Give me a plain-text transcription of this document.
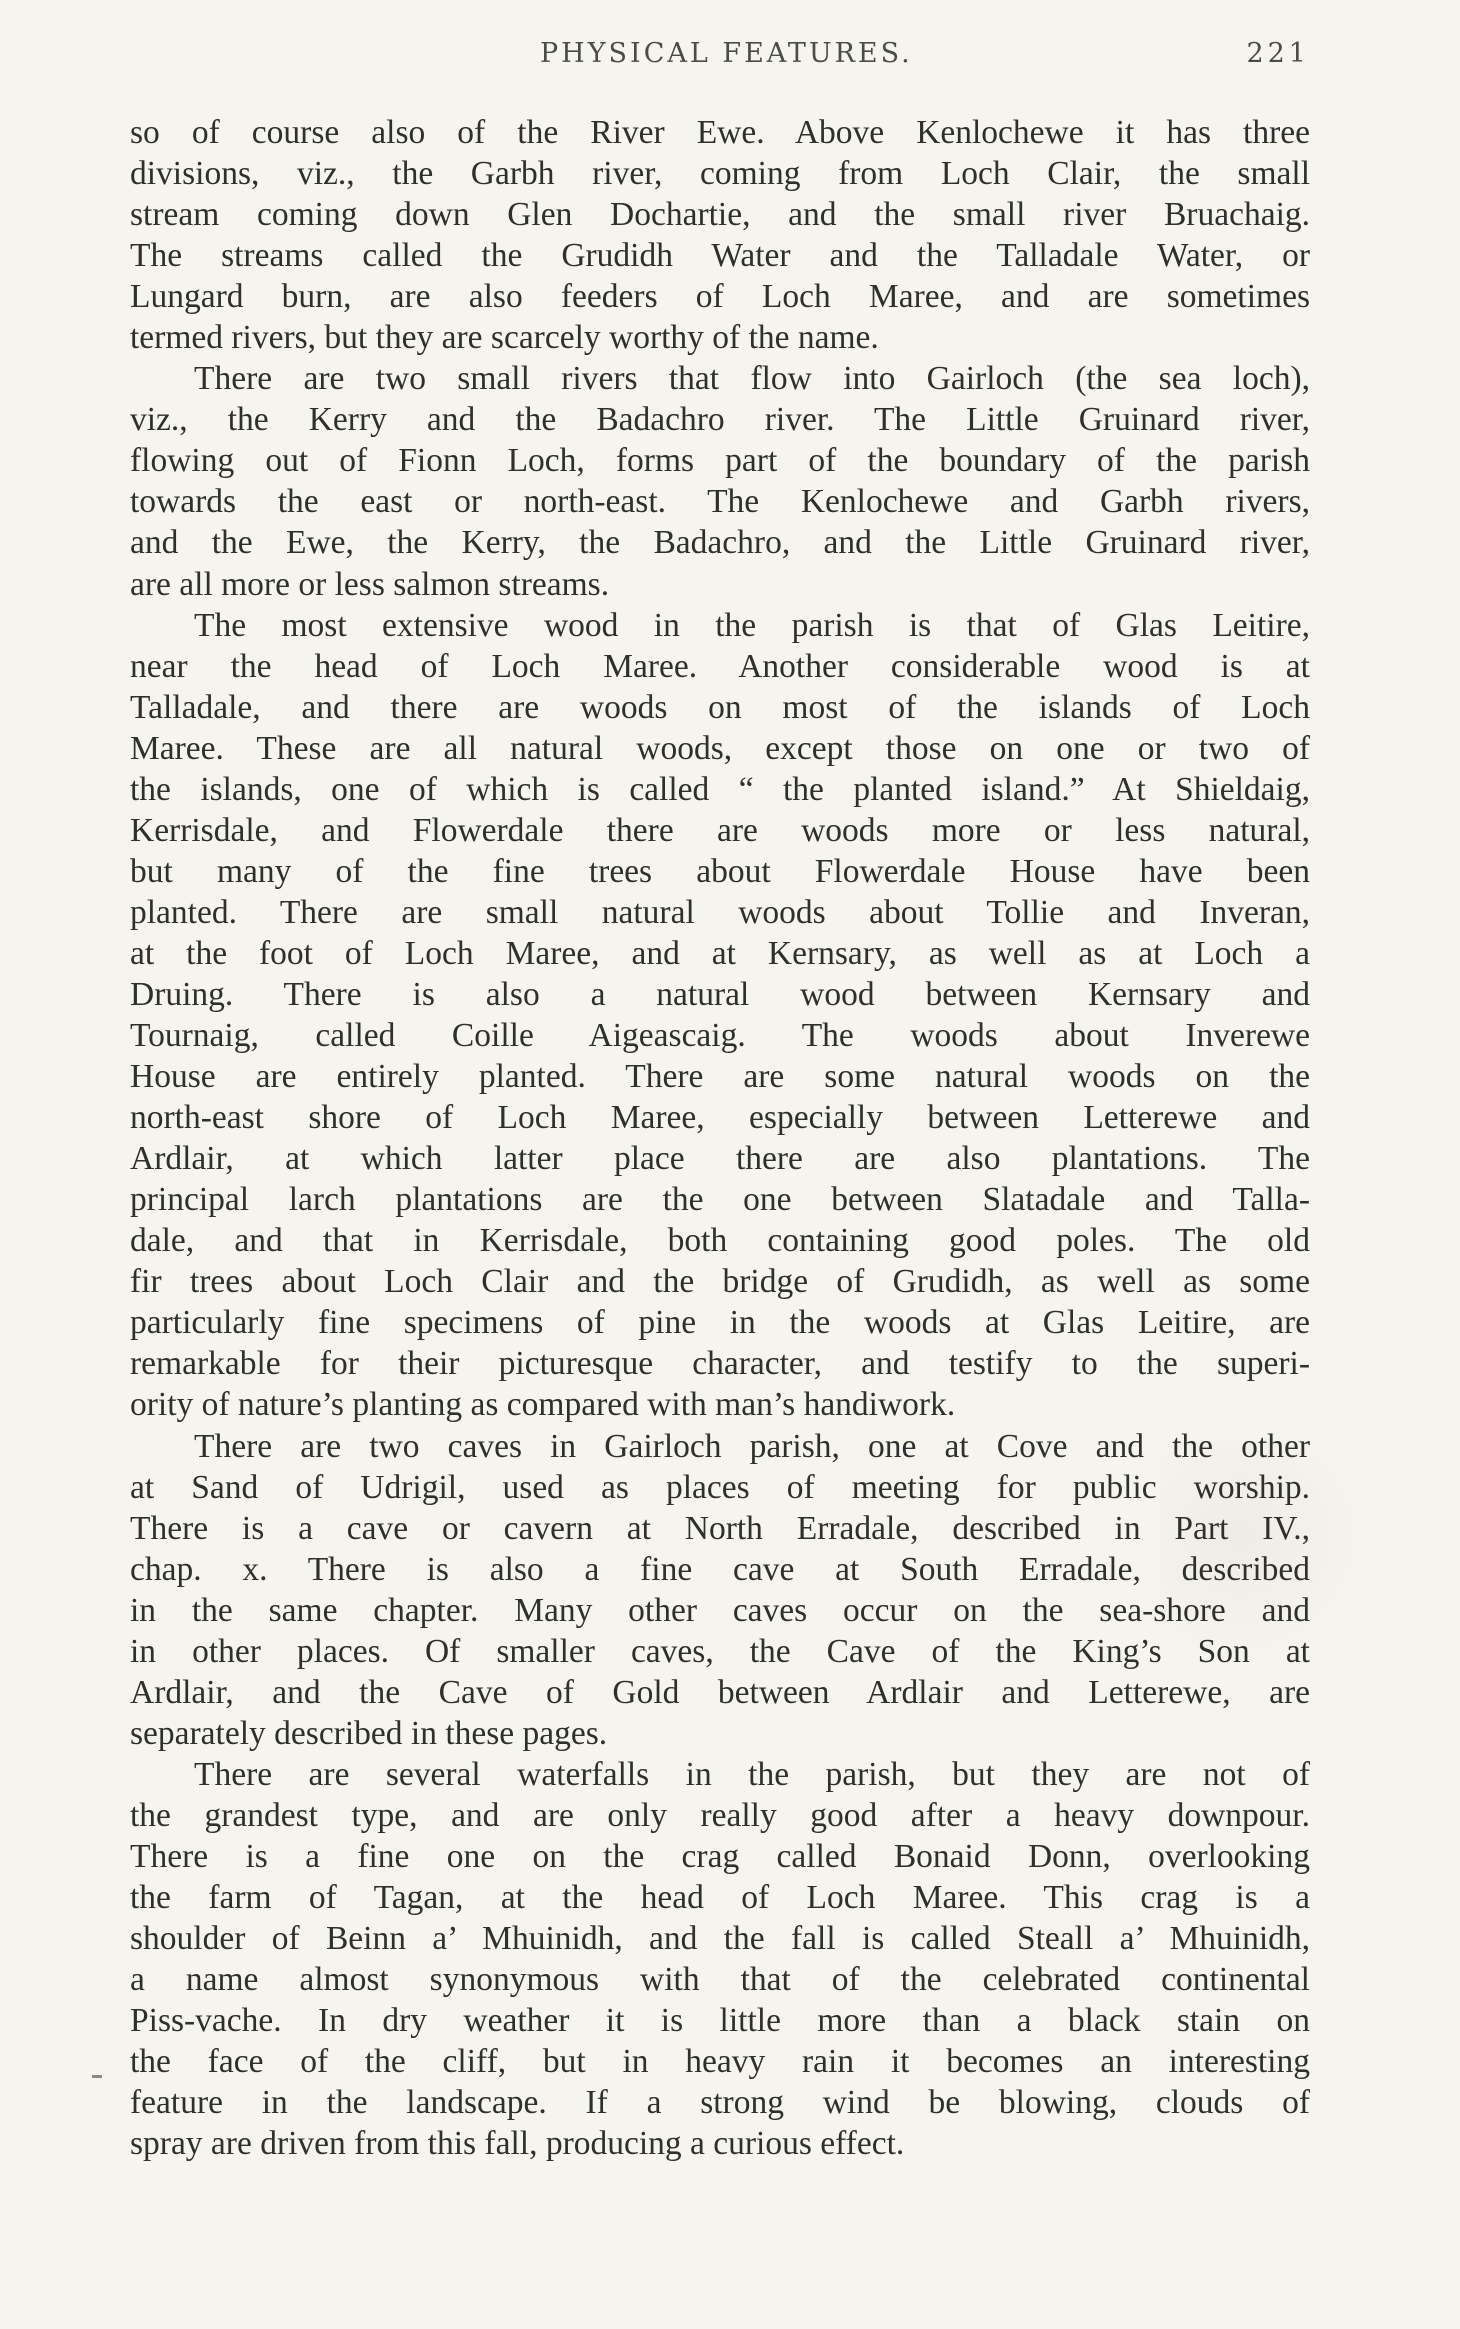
PHYSICAL FEATURES.	221
so of course also of the River Ewe. Above Kenlochewe it has three
divisions, viz., the Garbh river, coming from Loch Clair, the small
stream coming down Glen Dochartie, and the small river Bruachaig.
The streams called the Grudidh Water and the Talladale Water, or
Lungard burn, are also feeders of Loch Maree, and are sometimes
termed rivers, but they are scarcely worthy of the name.
There are two small rivers that flow into Gairloch (the sea loch),
viz., the Kerry and the Badachro river. The Little Gruinard river,
flowing out of Fionn Loch, forms part of the boundary of the parish
towards the east or north-east. The Kenlochewe and Garbh rivers,
and the Ewe, the Kerry, the Badachro, and the Little Gruinard river,
are all more or less salmon streams.
The most extensive wood in the parish is that of Glas Leitire,
near the head of Loch Maree. Another considerable wood is at
Talladale, and there are woods on most of the islands of Loch
Maree. These are all natural woods, except those on one or two of
the islands, one of which is called “ the planted island.” At Shieldaig,
Kerrisdale, and Flowerdale there are woods more or less natural,
but many of the fine trees about Flowerdale House have been
planted. There are small natural woods about Tollie and Inveran,
at the foot of Loch Maree, and at Kernsary, as well as at Loch a
Druing. There is also a natural wood between Kernsary and
Tournaig, called Coille Aigeascaig. The woods about Inverewe
House are entirely planted. There are some natural woods on the
north-east shore of Loch Maree, especially between Letterewe and
Ardlair, at which latter place there are also plantations. The
principal larch plantations are the one between Slatadale and Talla-
dale, and that in Kerrisdale, both containing good poles. The old
fir trees about Loch Clair and the bridge of Grudidh, as well as some
particularly fine specimens of pine in the woods at Glas Leitire, are
remarkable for their picturesque character, and testify to the superi-
ority of nature’s planting as compared with man’s handiwork.
There are two caves in Gairloch parish, one at Cove and the other
at Sand of Udrigil, used as places of meeting for public worship.
There is a cave or cavern at North Erradale, described in Part IV.,
chap. x. There is also a fine cave at South Erradale, described
in the same chapter. Many other caves occur on the sea-shore and
in other places. Of smaller caves, the Cave of the King’s Son at
Ardlair, and the Cave of Gold between Ardlair and Letterewe, are
separately described in these pages.
There are several waterfalls in the parish, but they are not of
the grandest type, and are only really good after a heavy downpour.
There is a fine one on the crag called Bonaid Donn, overlooking
the farm of Tagan, at the head of Loch Maree. This crag is a
shoulder of Beinn a’ Mhuinidh, and the fall is called Steall a’ Mhuinidh,
a name almost synonymous with that of the celebrated continental
Piss-vache. In dry weather it is little more than a black stain on
the face of the cliff, but in heavy rain it becomes an interesting
feature in the landscape. If a strong wind be blowing, clouds of
spray are driven from this fall, producing a curious effect.
